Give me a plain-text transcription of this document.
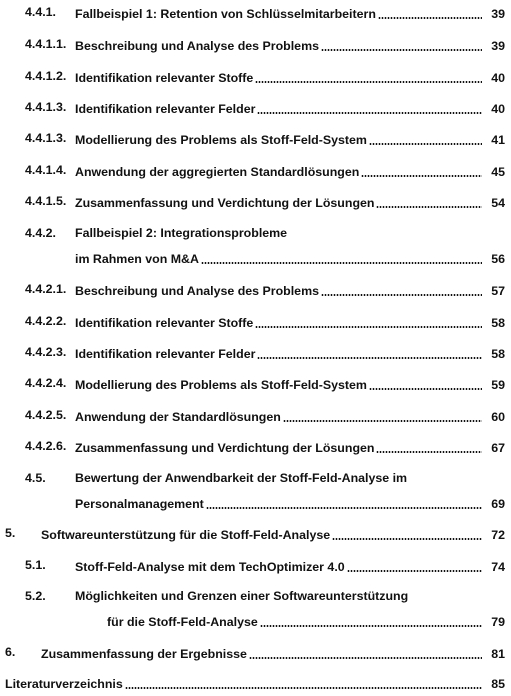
4.4.1. Fallbeispiel 1: Retention von Schlüsselmitarbeitern	39
4.4.1.1. Beschreibung und Analyse des Problems	39
4.4.1.2. Identifikation relevanter Stoffe	40
4.4.1.3. Identifikation relevanter Felder	40
4.4.1.3. Modellierung des Problems als Stoff-Feld-System	41
4.4.1.4. Anwendung der aggregierten Standardlösungen	45
4.4.1.5. Zusammenfassung und Verdichtung der Lösungen	54
4.4.2. Fallbeispiel 2: Integrationsprobleme
im Rahmen von M&A	56
4.4.2.1. Beschreibung und Analyse des Problems	57
4.4.2.2. Identifikation relevanter Stoffe	58
4.4.2.3. Identifikation relevanter Felder	58
4.4.2.4. Modellierung des Problems als Stoff-Feld-System	59
4.4.2.5. Anwendung der Standardlösungen	60
4.4.2.6. Zusammenfassung und Verdichtung der Lösungen	67
4.5. Bewertung der Anwendbarkeit der Stoff-Feld-Analyse im
Personalmanagement	69
5. Softwareunterstützung für die Stoff-Feld-Analyse	72
5.1. Stoff-Feld-Analyse mit dem TechOptimizer 4.0	74
5.2. Möglichkeiten und Grenzen einer Softwareunterstützung
für die Stoff-Feld-Analyse	79
6. Zusammenfassung der Ergebnisse	81
Literaturverzeichnis	85
